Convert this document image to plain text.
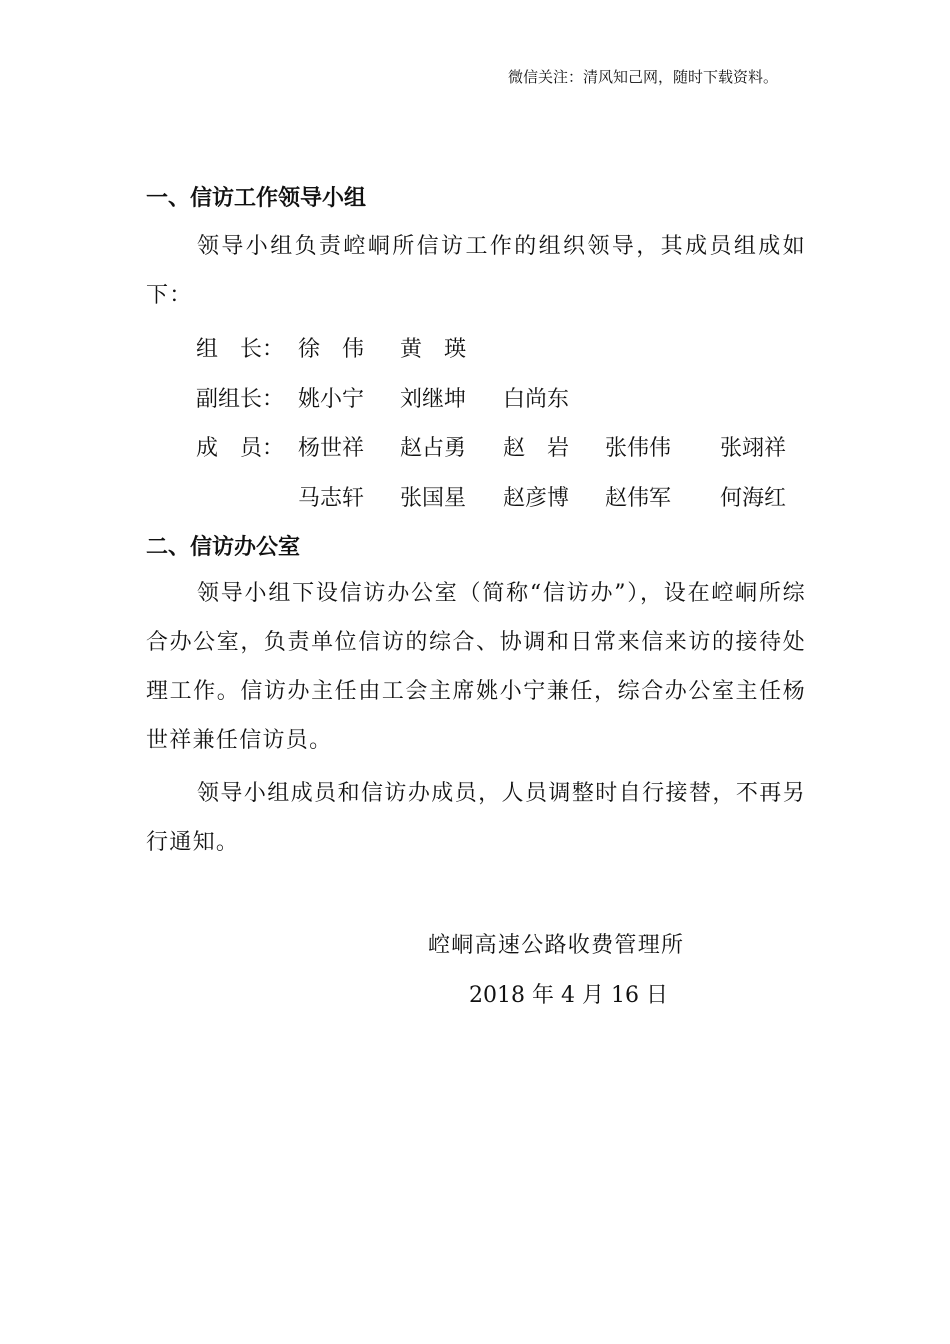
微信关注：清风知己网，随时下载资料。
一、信访工作领导小组

领导小组负责崆峒所信访工作的组织领导，其成员组成如下：

组　长： 徐　伟 黄　瑛
副组长： 姚小宁 刘继坤 白尚东
成　员： 杨世祥 赵占勇 赵　岩 张伟伟 张翊祥
马志轩 张国星 赵彦博 赵伟军 何海红
二、信访办公室

领导小组下设信访办公室（简称“信访办”），设在崆峒所综合办公室，负责单位信访的综合、协调和日常来信来访的接待处理工作。信访办主任由工会主席姚小宁兼任，综合办公室主任杨世祥兼任信访员。

领导小组成员和信访办成员，人员调整时自行接替，不再另行通知。

崆峒高速公路收费管理所
2018 年 4 月 16 日
